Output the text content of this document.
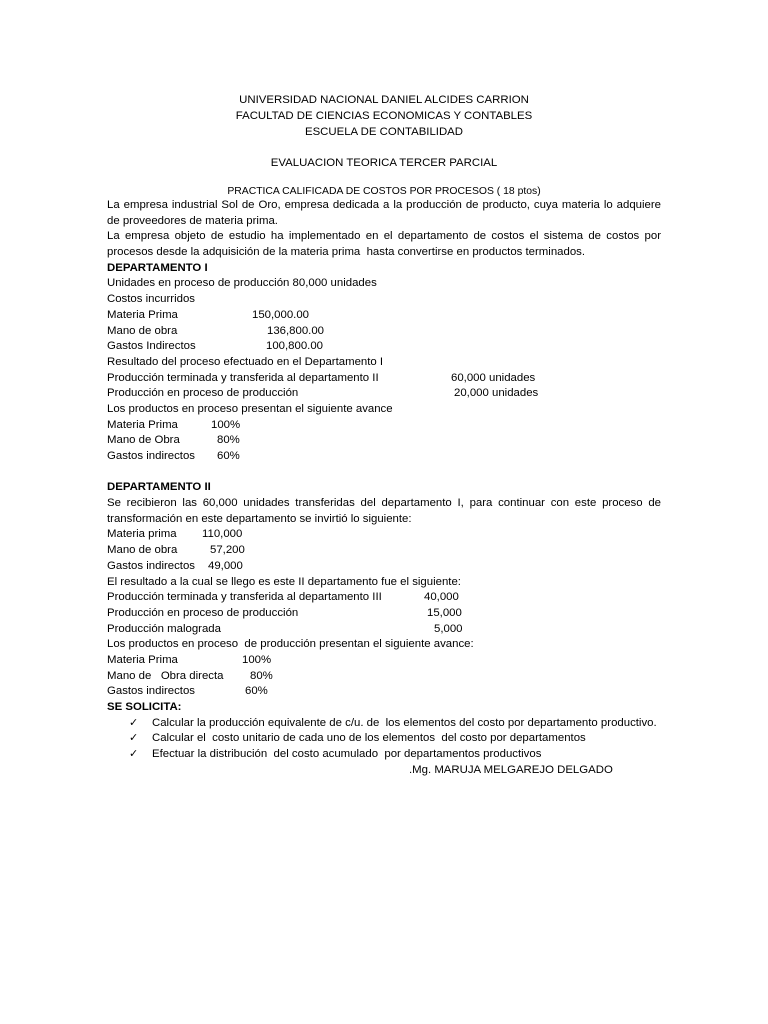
UNIVERSIDAD NACIONAL DANIEL ALCIDES CARRION
FACULTAD DE CIENCIAS ECONOMICAS Y CONTABLES
ESCUELA DE CONTABILIDAD
EVALUACION TEORICA TERCER PARCIAL
PRACTICA CALIFICADA DE COSTOS POR PROCESOS ( 18 ptos)
La empresa industrial Sol de Oro, empresa dedicada a la producción de producto, cuya materia lo adquiere
de proveedores de materia prima.
La empresa objeto de estudio ha implementado en el departamento de costos el sistema de costos por
procesos desde la adquisición de la materia prima  hasta convertirse en productos terminados.
DEPARTAMENTO I
Unidades en proceso de producción 80,000 unidades
Costos incurridos
Materia Prima	150,000.00
Mano de obra	136,800.00
Gastos Indirectos	100,800.00
Resultado del proceso efectuado en el Departamento I
Producción terminada y transferida al departamento II	60,000 unidades
Producción en proceso de producción	20,000 unidades
Los productos en proceso presentan el siguiente avance
Materia Prima	100%
Mano de Obra	80%
Gastos indirectos 60%
DEPARTAMENTO II
Se recibieron las 60,000 unidades transferidas del departamento I, para continuar con este proceso de
transformación en este departamento se invirtió lo siguiente:
Materia prima 110,000
Mano de obra	57,200
Gastos indirectos 49,000
El resultado a la cual se llego es este II departamento fue el siguiente:
Producción terminada y transferida al departamento III	40,000
Producción en proceso de producción	15,000
Producción malograda	5,000
Los productos en proceso  de producción presentan el siguiente avance:
Materia Prima	100%
Mano de   Obra directa 80%
Gastos indirectos	60%
SE SOLICITA:
✓ Calcular la producción equivalente de c/u. de  los elementos del costo por departamento productivo.
✓ Calcular el  costo unitario de cada uno de los elementos  del costo por departamentos
✓ Efectuar la distribución  del costo acumulado  por departamentos productivos
.Mg. MARUJA MELGAREJO DELGADO
